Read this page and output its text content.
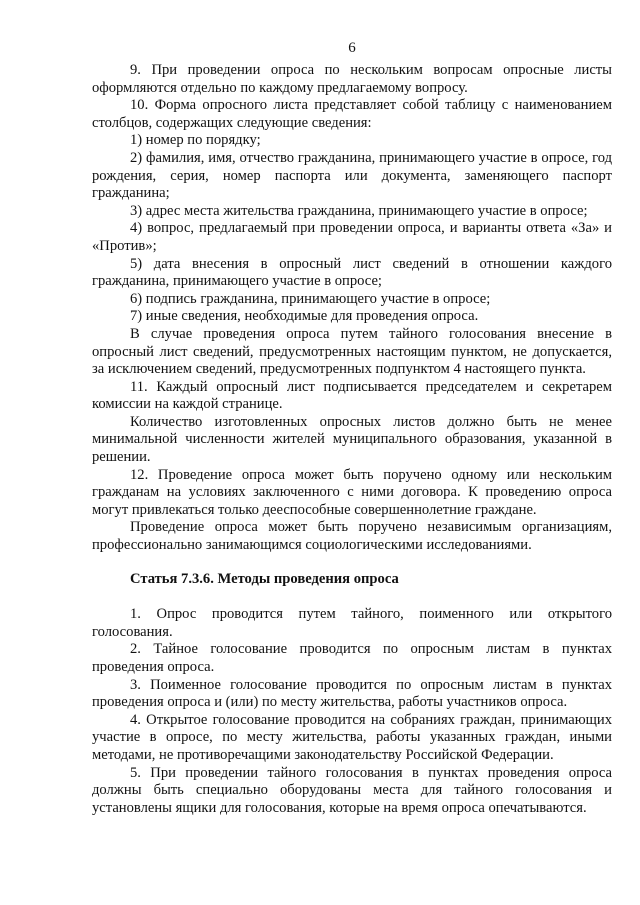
6

9. При проведении опроса по нескольким вопросам опросные листы оформляются отдельно по каждому предлагаемому вопросу.

10. Форма опросного листа представляет собой таблицу с наименованием столбцов, содержащих следующие сведения:

1) номер по порядку;

2) фамилия, имя, отчество гражданина, принимающего участие в опросе, год рождения, серия, номер паспорта или документа, заменяющего паспорт гражданина;

3) адрес места жительства гражданина, принимающего участие в опросе;

4) вопрос, предлагаемый при проведении опроса, и варианты ответа «За» и «Против»;

5) дата внесения в опросный лист сведений в отношении каждого гражданина, принимающего участие в опросе;

6) подпись гражданина, принимающего участие в опросе;

7) иные сведения, необходимые для проведения опроса.

В случае проведения опроса путем тайного голосования внесение в опросный лист сведений, предусмотренных настоящим пунктом, не допускается, за исключением сведений, предусмотренных подпунктом 4 настоящего пункта.

11. Каждый опросный лист подписывается председателем и секретарем комиссии на каждой странице.

Количество изготовленных опросных листов должно быть не менее минимальной численности жителей муниципального образования, указанной в решении.

12. Проведение опроса может быть поручено одному или нескольким гражданам на условиях заключенного с ними договора. К проведению опроса могут привлекаться только дееспособные совершеннолетние граждане.

Проведение опроса может быть поручено независимым организациям, профессионально занимающимся социологическими исследованиями.

Статья 7.3.6. Методы проведения опроса

1. Опрос проводится путем тайного, поименного или открытого голосования.

2. Тайное голосование проводится по опросным листам в пунктах проведения опроса.

3. Поименное голосование проводится по опросным листам в пунктах проведения опроса и (или) по месту жительства, работы участников опроса.

4. Открытое голосование проводится на собраниях граждан, принимающих участие в опросе, по месту жительства, работы указанных граждан, иными методами, не противоречащими законодательству Российской Федерации.

5. При проведении тайного голосования в пунктах проведения опроса должны быть специально оборудованы места для тайного голосования и установлены ящики для голосования, которые на время опроса опечатываются.
